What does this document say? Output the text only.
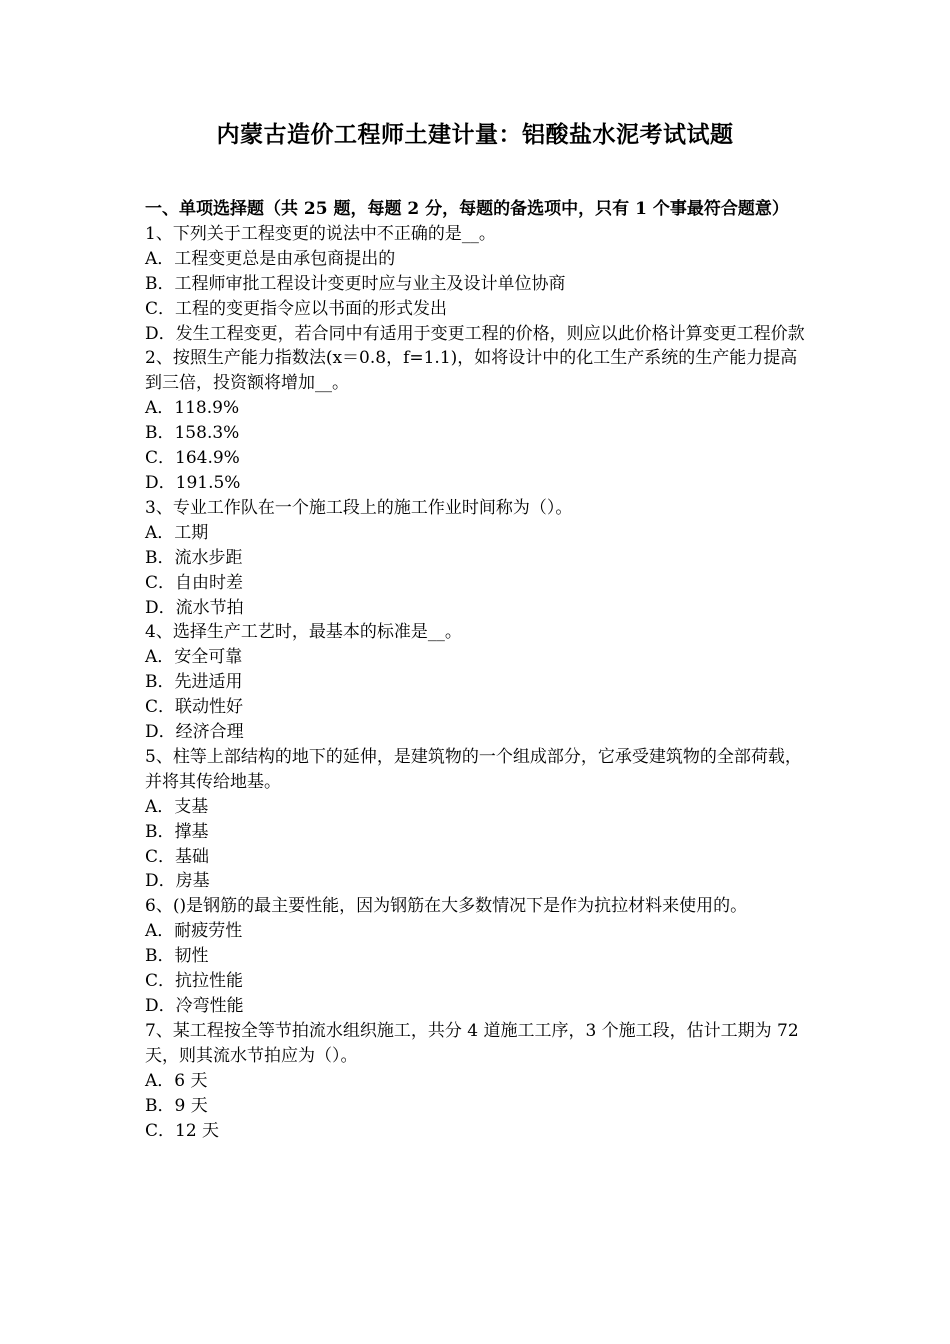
内蒙古造价工程师土建计量：铝酸盐水泥考试试题

一、单项选择题（共 25 题，每题 2 分，每题的备选项中，只有 1 个事最符合题意）

1、下列关于工程变更的说法中不正确的是__。

A．工程变更总是由承包商提出的

B．工程师审批工程设计变更时应与业主及设计单位协商

C．工程的变更指令应以书面的形式发出

D．发生工程变更，若合同中有适用于变更工程的价格，则应以此价格计算变更工程价款

2、按照生产能力指数法(x＝0.8，f=1.1)，如将设计中的化工生产系统的生产能力提高到三倍，投资额将增加__。

A．118.9%

B．158.3%

C．164.9%

D．191.5%

3、专业工作队在一个施工段上的施工作业时间称为（）。

A．工期

B．流水步距

C．自由时差

D．流水节拍

4、选择生产工艺时，最基本的标准是__。

A．安全可靠

B．先进适用

C．联动性好

D．经济合理

5、柱等上部结构的地下的延伸，是建筑物的一个组成部分，它承受建筑物的全部荷载，并将其传给地基。

A．支基

B．撑基

C．基础

D．房基

6、()是钢筋的最主要性能，因为钢筋在大多数情况下是作为抗拉材料来使用的。

A．耐疲劳性

B．韧性

C．抗拉性能

D．冷弯性能

7、某工程按全等节拍流水组织施工，共分 4 道施工工序，3 个施工段，估计工期为 72 天，则其流水节拍应为（）。

A．6 天

B．9 天

C．12 天
